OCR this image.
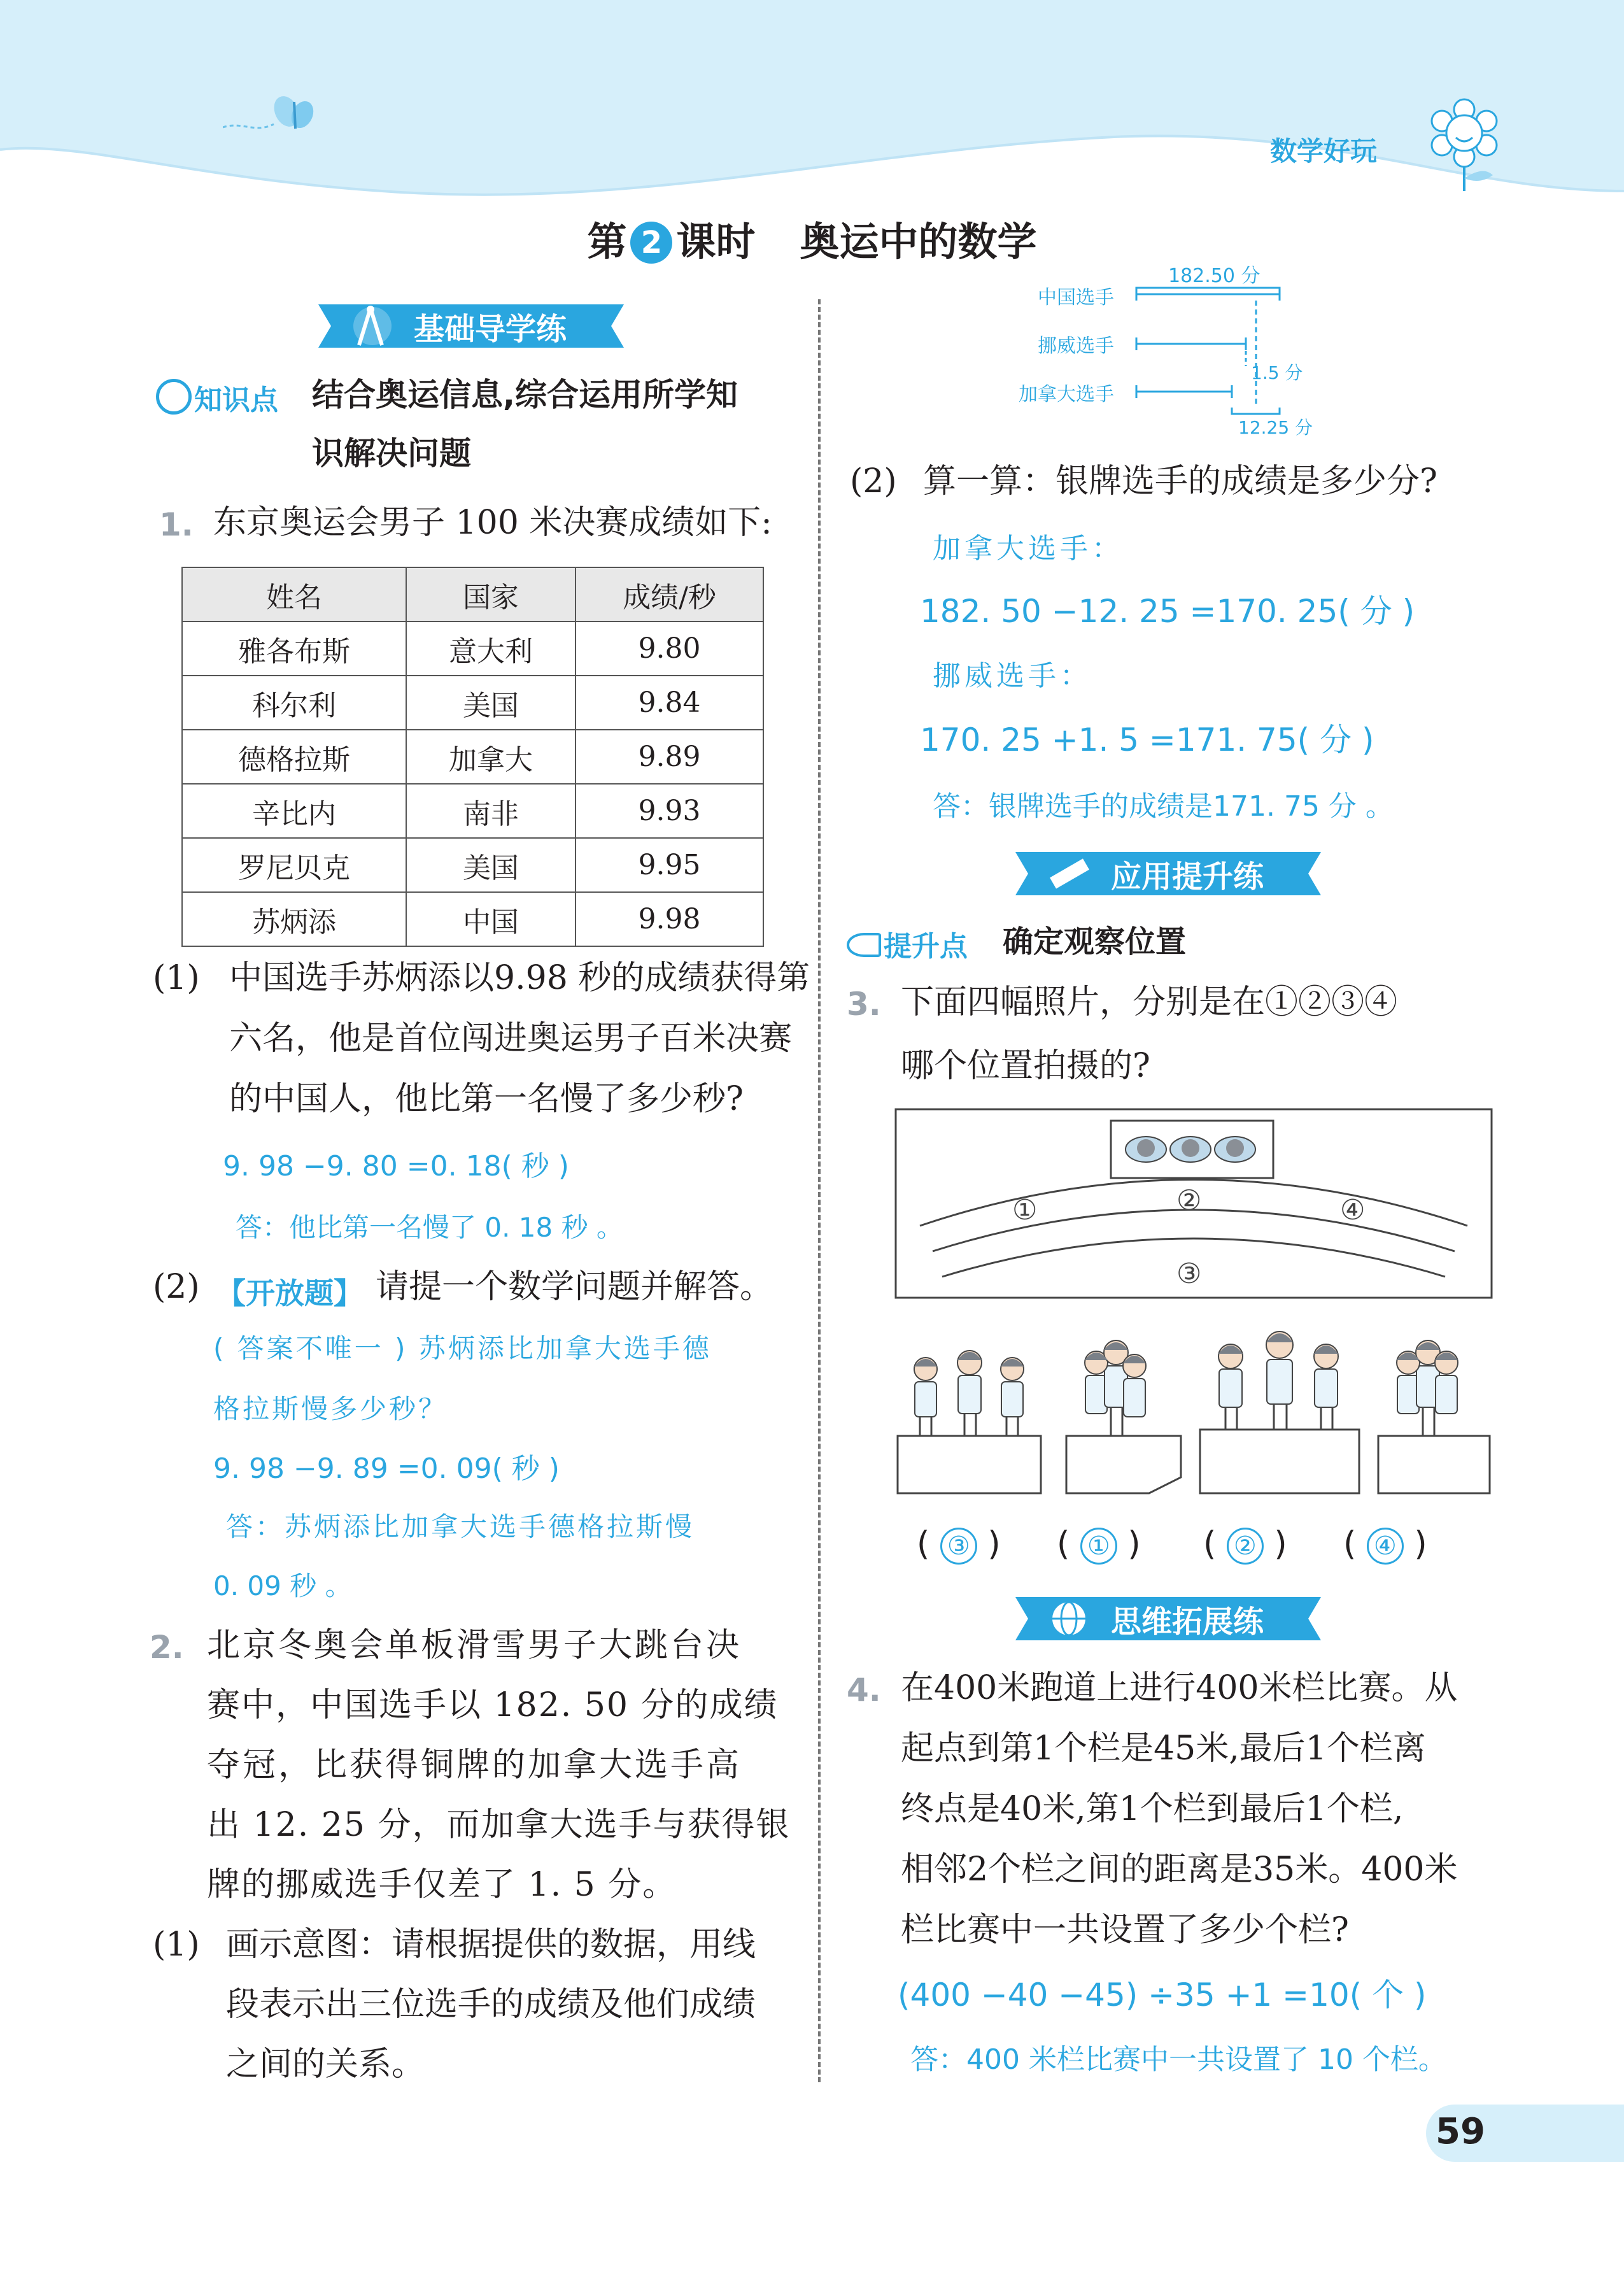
数学好玩
第 2 课时 奥运中的数学
基础导学练
知识点 结合奥运信息,综合运用所学知
识解决问题
1. 东京奥运会男子 100 米决赛成绩如下:
姓名	国家	成绩/秒
雅各布斯	意大利	9.80
科尔利	美国	9.84
德格拉斯	加拿大	9.89
辛比内	南非	9.93
罗尼贝克	美国	9.95
苏炳添	中国	9.98
(1) 中国选手苏炳添以9.98 秒的成绩获得第
六名，他是首位闯进奥运男子百米决赛
的中国人，他比第一名慢了多少秒?
9. 98 −9. 80 =0. 18( 秒 )
答：他比第一名慢了 0. 18 秒 。
(2) 【开放题】 请提一个数学问题并解答。
( 答案不唯一 ) 苏炳添比加拿大选手德
格拉斯慢多少秒？
9. 98 −9. 89 =0. 09( 秒 )
答：苏炳添比加拿大选手德格拉斯慢
0. 09 秒 。
2. 北京冬奥会单板滑雪男子大跳台决
赛中，中国选手以 182. 50 分的成绩
夺冠，比获得铜牌的加拿大选手高
出 12. 25 分，而加拿大选手与获得银
牌的挪威选手仅差了 1. 5 分。
(1) 画示意图：请根据提供的数据，用线
段表示出三位选手的成绩及他们成绩
之间的关系。
182.50 分
中国选手
挪威选手
1.5 分
加拿大选手
12.25 分
(2) 算一算：银牌选手的成绩是多少分?
加拿大选手：
182. 50 −12. 25 =170. 25( 分 )
挪威选手：
170. 25 +1. 5 =171. 75( 分 )
答：银牌选手的成绩是171. 75 分 。
应用提升练
提升点 确定观察位置
3. 下面四幅照片，分别是在①②③④
哪个位置拍摄的?
①	②	④
③
( ③ ) ( ① ) ( ② ) ( ④ )
思维拓展练
4. 在400米跑道上进行400米栏比赛。从
起点到第1个栏是45米,最后1个栏离
终点是40米,第1个栏到最后1个栏,
相邻2个栏之间的距离是35米。400米
栏比赛中一共设置了多少个栏?
(400 −40 −45) ÷35 +1 =10( 个 )
答：400 米栏比赛中一共设置了 10 个栏。
59
